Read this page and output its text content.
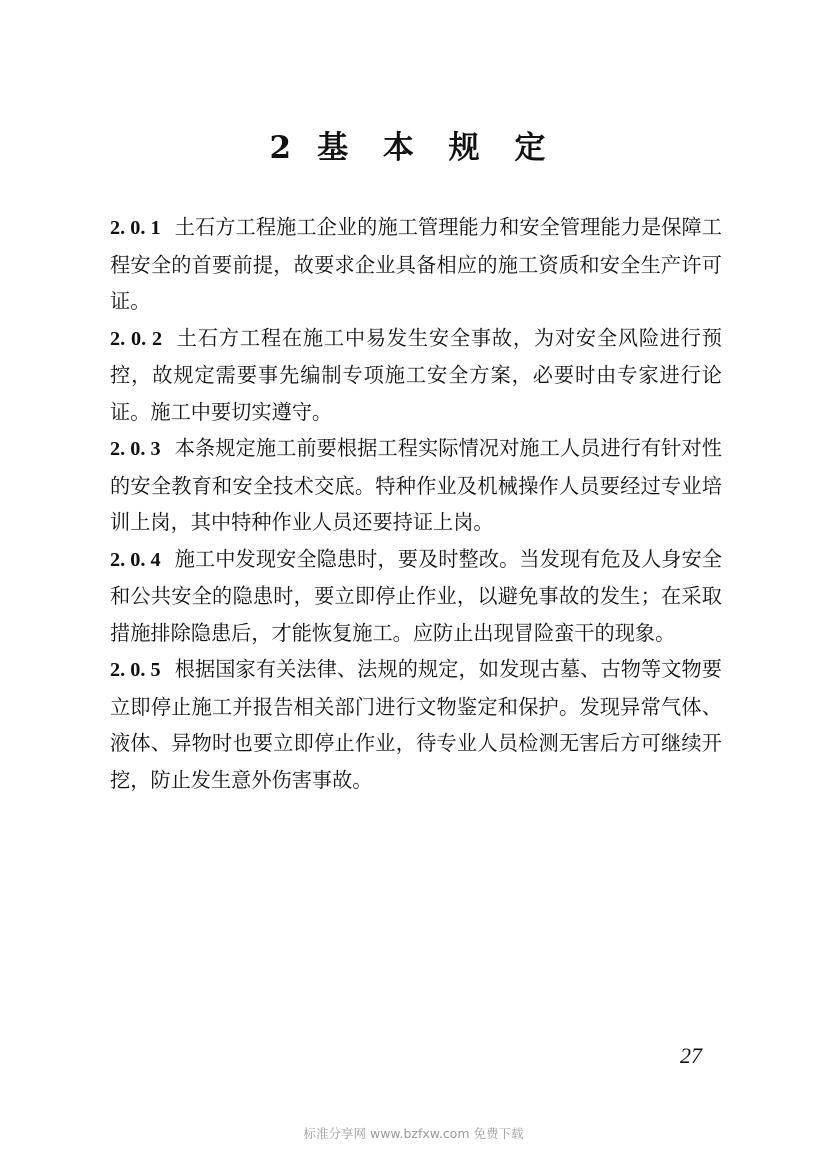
2 基 本 规 定

2. 0. 1 土石方工程施工企业的施工管理能力和安全管理能力是保障工程安全的首要前提，故要求企业具备相应的施工资质和安全生产许可证。

2. 0. 2 土石方工程在施工中易发生安全事故，为对安全风险进行预控，故规定需要事先编制专项施工安全方案，必要时由专家进行论证。施工中要切实遵守。

2. 0. 3 本条规定施工前要根据工程实际情况对施工人员进行有针对性的安全教育和安全技术交底。特种作业及机械操作人员要经过专业培训上岗，其中特种作业人员还要持证上岗。

2. 0. 4 施工中发现安全隐患时，要及时整改。当发现有危及人身安全和公共安全的隐患时，要立即停止作业，以避免事故的发生；在采取措施排除隐患后，才能恢复施工。应防止出现冒险蛮干的现象。

2. 0. 5 根据国家有关法律、法规的规定，如发现古墓、古物等文物要立即停止施工并报告相关部门进行文物鉴定和保护。发现异常气体、液体、异物时也要立即停止作业，待专业人员检测无害后方可继续开挖，防止发生意外伤害事故。

27
标准分享网 www.bzfxw.com 免费下载
